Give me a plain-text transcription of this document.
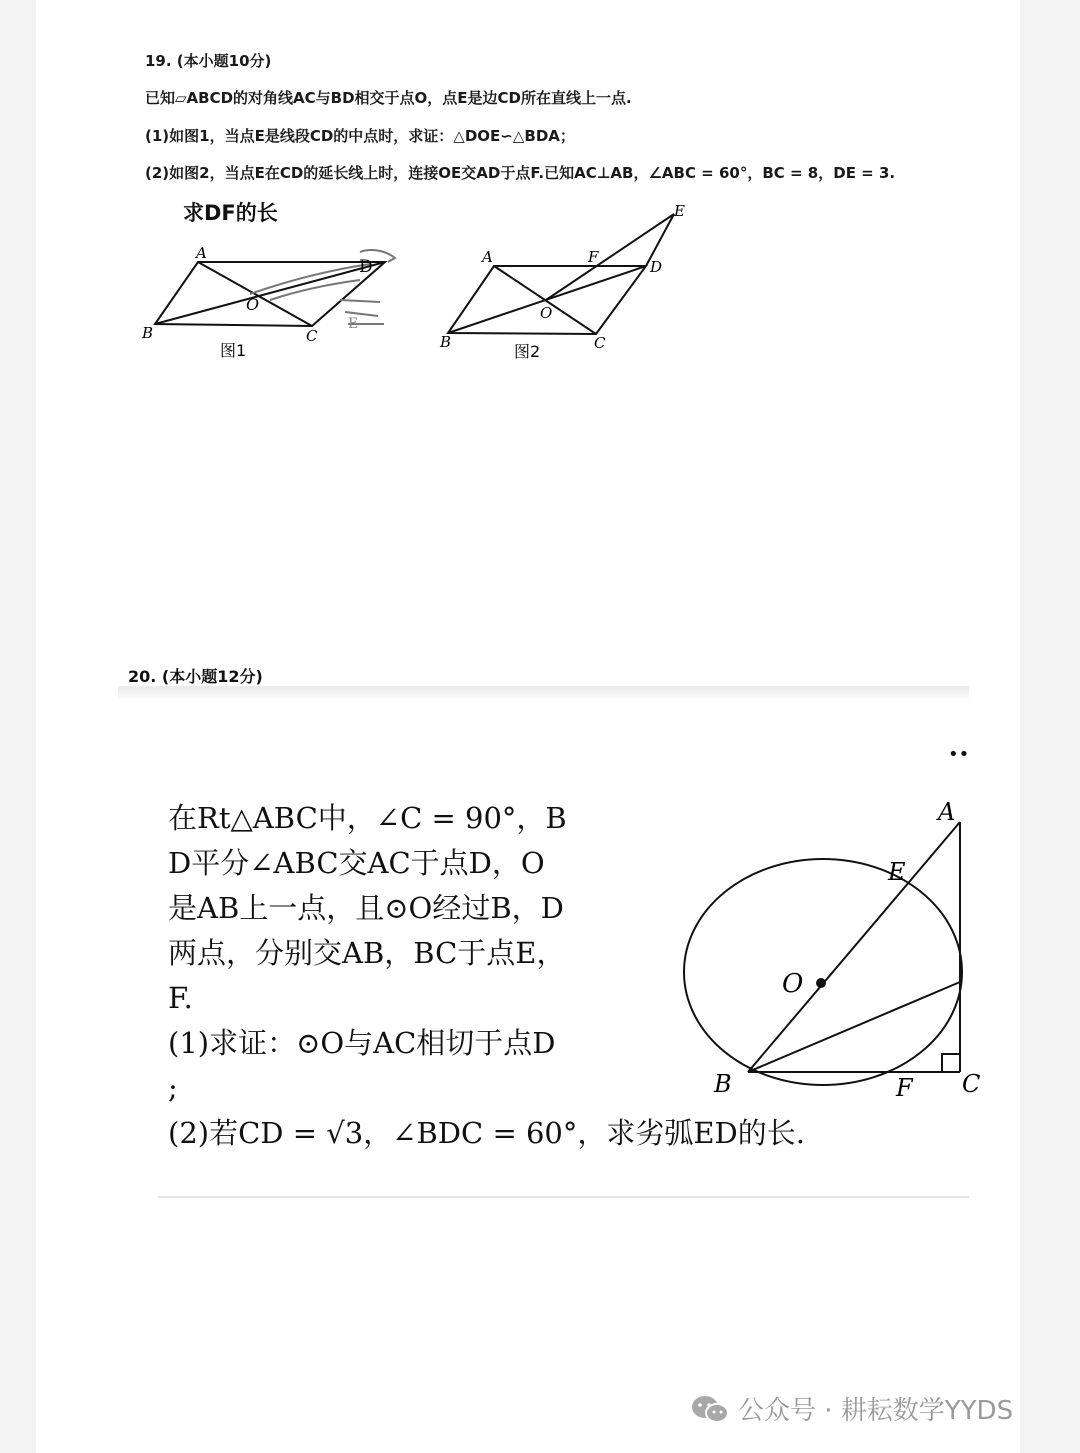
19. (本小题10分)
已知▱ABCD的对角线AC与BD相交于点O，点E是边CD所在直线上一点.
(1)如图1，当点E是线段CD的中点时，求证：△DOE∽△BDA；
(2)如图2，当点E在CD的延长线上时，连接OE交AD于点F.已知AC⊥AB，∠ABC = 60°，BC = 8，DE = 3.
求DF的长
A
B	C
D
O
E
图1
A
B	C
D
E
F
O
图2
20. (本小题12分)
••
在Rt△ABC中，∠C = 90°，B
D平分∠ABC交AC于点D，O
是AB上一点，且⊙O经过B，D
两点，分别交AB，BC于点E，
F.
(1)求证：⊙O与AC相切于点D
;
(2)若CD = √3，∠BDC = 60°，求劣弧ED的长.
A
E
O
B	F C
公众号 · 耕耘数学YYDS
